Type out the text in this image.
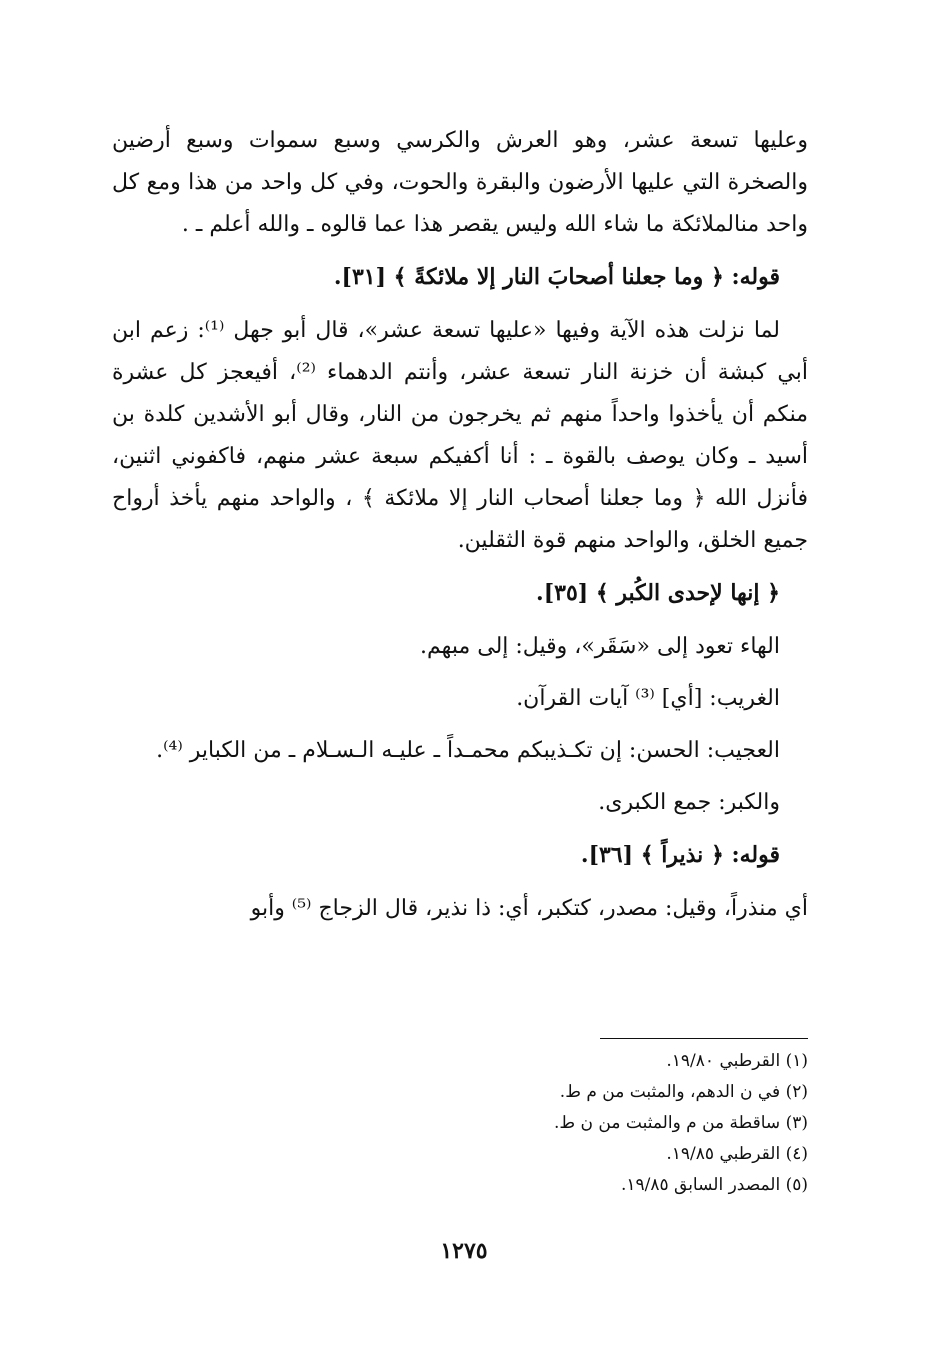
وعليها تسعة عشر، وهو العرش والكرسي وسبع سموات وسبع أرضين والصخرة التي عليها الأرضون والبقرة والحوت، وفي كل واحد من هذا ومع كل واحد منالملائكة ما شاء الله وليس يقصر هذا عما قالوه ـ والله أعلم ـ .

قوله: ﴿ وما جعلنا أصحابَ النار إلا ملائكةً ﴾ [٣١].

لما نزلت هذه الآية وفيها «عليها تسعة عشر»، قال أبو جهل ⁽¹⁾: زعم ابن أبي كبشة أن خزنة النار تسعة عشر، وأنتم الدهماء ⁽²⁾، أفيعجز كل عشرة منكم أن يأخذوا واحداً منهم ثم يخرجون من النار، وقال أبو الأشدين كلدة بن أسيد ـ وكان يوصف بالقوة ـ : أنا أكفيكم سبعة عشر منهم، فاكفوني اثنين، فأنزل الله ﴿ وما جعلنا أصحاب النار إلا ملائكة ﴾ ، والواحد منهم يأخذ أرواح جميع الخلق، والواحد منهم قوة الثقلين.

﴿ إنها لإحدى الكُبر ﴾ [٣٥].

الهاء تعود إلى «سَقَر»، وقيل: إلى مبهم.

الغريب: [أي] ⁽³⁾ آيات القرآن.

العجيب: الحسن: إن تكـذيبكم محمـداً ـ عليـه الـسـلام ـ من الكباير ⁽⁴⁾.

والكبر: جمع الكبرى.

قوله: ﴿ نذيراً ﴾ [٣٦].

أي منذراً، وقيل: مصدر، كتكبر، أي: ذا نذير، قال الزجاج ⁽⁵⁾ وأبو

(١) القرطبي ١٩/٨٠.

(٢) في ن الدهم، والمثبت من م ط.

(٣) ساقطة من م والمثبت من ن ط.

(٤) القرطبي ١٩/٨٥.

(٥) المصدر السابق ١٩/٨٥.

١٢٧٥
